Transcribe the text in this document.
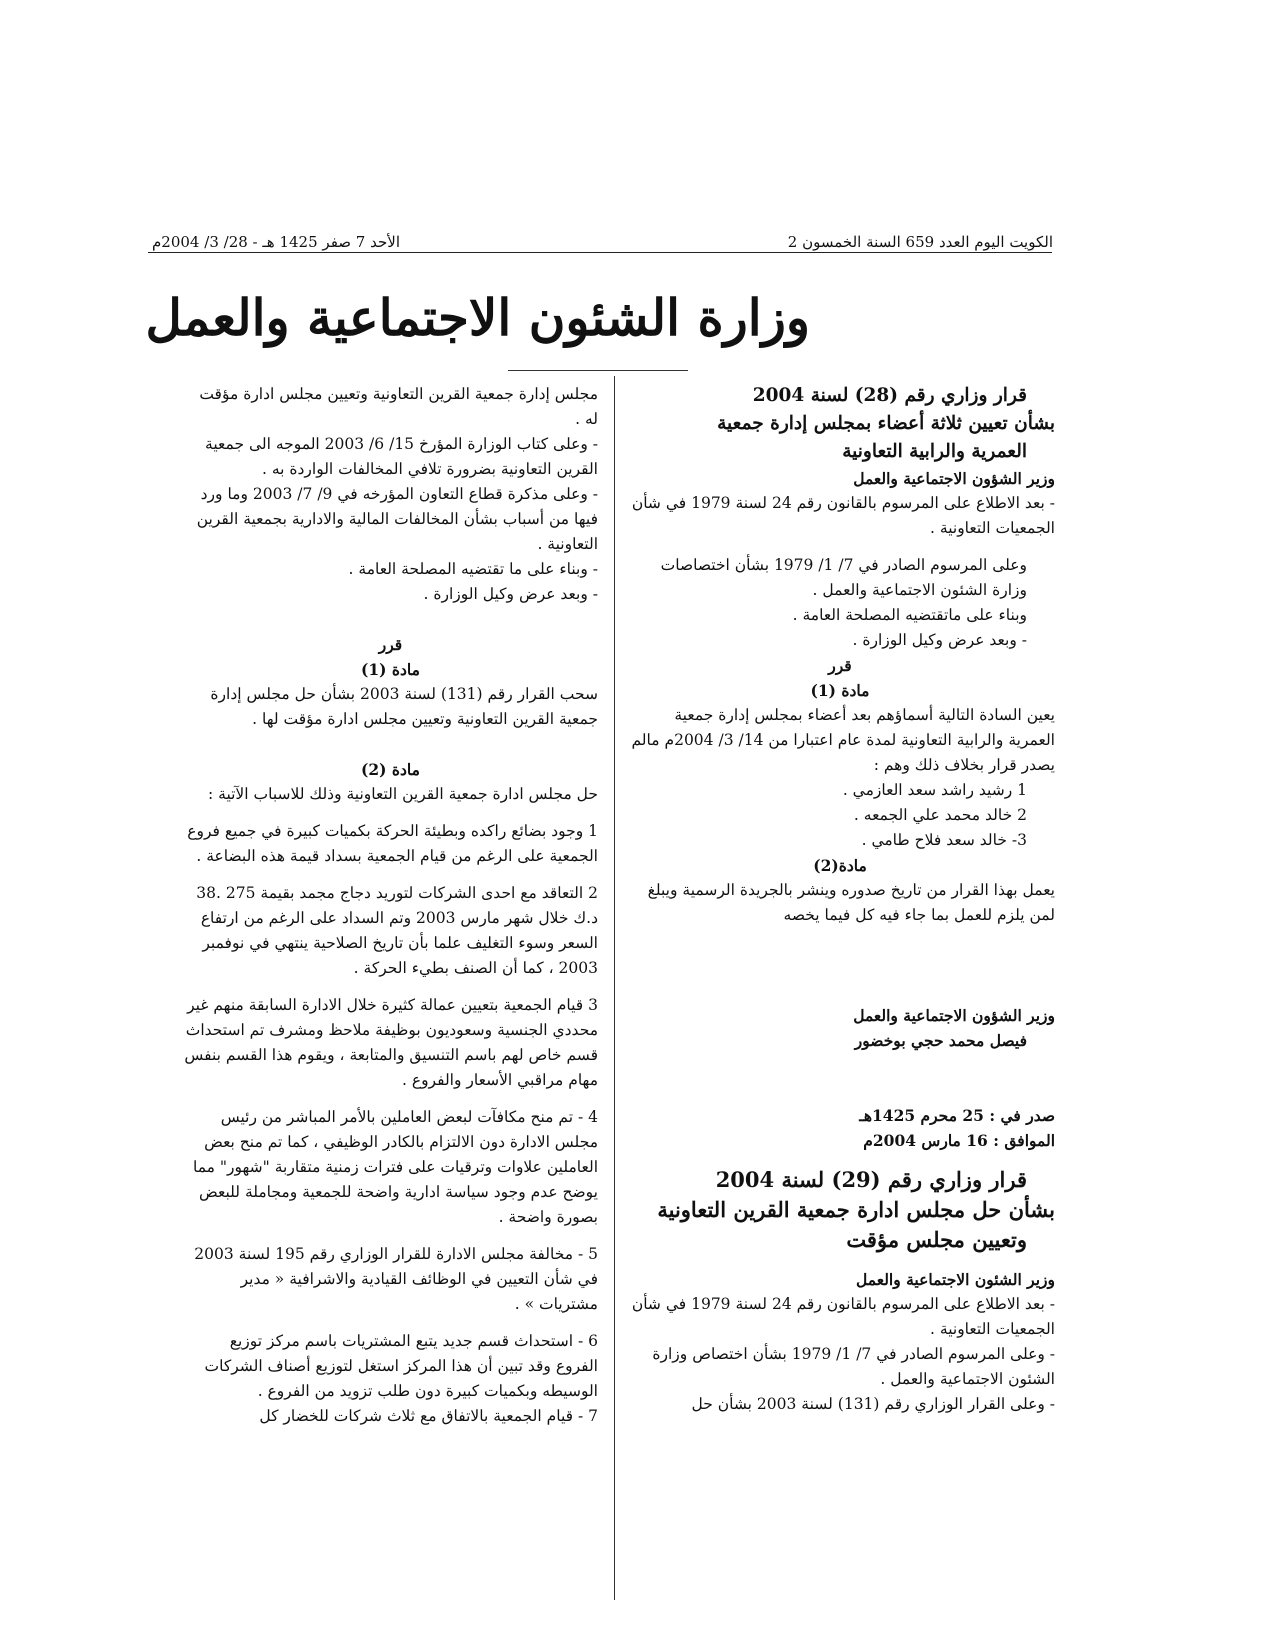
الكويت اليوم العدد 659 السنة الخمسون 2
الأحد 7 صفر 1425 هـ - 28/ 3/ 2004م
وزارة الشئون الاجتماعية والعمل

قرار وزاري رقم (28) لسنة 2004

بشأن تعيين ثلاثة أعضاء بمجلس إدارة جمعية

العمرية والرابية التعاونية

وزير الشؤون الاجتماعية والعمل

- بعد الاطلاع على المرسوم بالقانون رقم 24 لسنة 1979 في شأن الجمعيات التعاونية .

وعلى المرسوم الصادر في 7/ 1/ 1979 بشأن اختصاصات وزارة الشئون الاجتماعية والعمل .

وبناء على ماتقتضيه المصلحة العامة .

- وبعد عرض وكيل الوزارة .

قرر

مادة (1)

يعين السادة التالية أسماؤهم بعد أعضاء بمجلس إدارة جمعية العمرية والرابية التعاونية لمدة عام اعتبارا من 14/ 3/ 2004م مالم يصدر قرار بخلاف ذلك وهم :

1 رشيد راشد سعد العازمي .

2 خالد محمد علي الجمعه .

3- خالد سعد فلاح طامي .

مادة(2)

يعمل بهذا القرار من تاريخ صدوره وينشر بالجريدة الرسمية ويبلغ لمن يلزم للعمل بما جاء فيه كل فيما يخصه

وزير الشؤون الاجتماعية والعمل

فيصل محمد حجي بوخضور

صدر في : 25 محرم 1425هـ

الموافق : 16 مارس 2004م

قرار وزاري رقم (29) لسنة 2004

بشأن حل مجلس ادارة جمعية القرين التعاونية

وتعيين مجلس مؤقت

وزير الشئون الاجتماعية والعمل

- بعد الاطلاع على المرسوم بالقانون رقم 24 لسنة 1979 في شأن الجمعيات التعاونية .

- وعلى المرسوم الصادر في 7/ 1/ 1979 بشأن اختصاص وزارة الشئون الاجتماعية والعمل .

- وعلى القرار الوزاري رقم (131) لسنة 2003 بشأن حل

مجلس إدارة جمعية القرين التعاونية وتعيين مجلس ادارة مؤقت له .

- وعلى كتاب الوزارة المؤرخ 15/ 6/ 2003 الموجه الى جمعية القرين التعاونية بضرورة تلافي المخالفات الواردة به .

- وعلى مذكرة قطاع التعاون المؤرخه في 9/ 7/ 2003 وما ورد فيها من أسباب بشأن المخالفات المالية والادارية بجمعية القرين التعاونية .

- وبناء على ما تقتضيه المصلحة العامة .

- وبعد عرض وكيل الوزارة .

قرر

مادة (1)

سحب القرار رقم (131) لسنة 2003 بشأن حل مجلس إدارة جمعية القرين التعاونية وتعيين مجلس ادارة مؤقت لها .

مادة (2)

حل مجلس ادارة جمعية القرين التعاونية وذلك للاسباب الآتية :

1 وجود بضائع راكده وبطيئة الحركة بكميات كبيرة في جميع فروع الجمعية على الرغم من قيام الجمعية بسداد قيمة هذه البضاعة .

2 التعاقد مع احدى الشركات لتوريد دجاج مجمد بقيمة 275 .38 د.ك خلال شهر مارس 2003 وتم السداد على الرغم من ارتفاع السعر وسوء التغليف علما بأن تاريخ الصلاحية ينتهي في نوفمبر 2003 ، كما أن الصنف بطيء الحركة .

3 قيام الجمعية بتعيين عمالة كثيرة خلال الادارة السابقة منهم غير محددي الجنسية وسعوديون بوظيفة ملاحظ ومشرف تم استحداث قسم خاص لهم باسم التنسيق والمتابعة ، ويقوم هذا القسم بنفس مهام مراقبي الأسعار والفروع .

4 - تم منح مكافآت لبعض العاملين بالأمر المباشر من رئيس مجلس الادارة دون الالتزام بالكادر الوظيفي ، كما تم منح بعض العاملين علاوات وترقيات على فترات زمنية متقاربة "شهور" مما يوضح عدم وجود سياسة ادارية واضحة للجمعية ومجاملة للبعض بصورة واضحة .

5 - مخالفة مجلس الادارة للقرار الوزاري رقم 195 لسنة 2003 في شأن التعيين في الوظائف القيادية والاشرافية « مدير مشتريات » .

6 - استحداث قسم جديد يتبع المشتريات باسم مركز توزيع الفروع وقد تبين أن هذا المركز استغل لتوزيع أصناف الشركات الوسيطه وبكميات كبيرة دون طلب تزويد من الفروع .

7 - قيام الجمعية بالاتفاق مع ثلاث شركات للخضار كل
